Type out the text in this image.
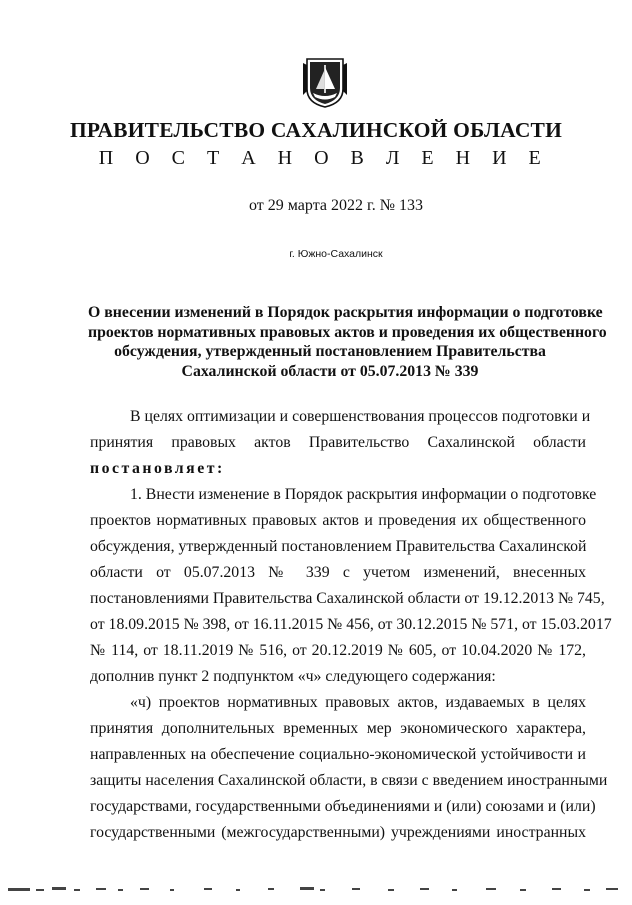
ПРАВИТЕЛЬСТВО САХАЛИНСКОЙ ОБЛАСТИ
П О С Т А Н О В Л Е Н И Е
от 29 марта 2022 г. № 133
г. Южно-Сахалинск
О внесении изменений в Порядок раскрытия информации о подготовке
проектов нормативных правовых актов и проведения их общественного
обсуждения, утвержденный постановлением Правительства
Сахалинской области от 05.07.2013 № 339
В целях оптимизации и совершенствования процессов подготовки и
принятия правовых актов Правительство Сахалинской области
постановляет:
1. Внести изменение в Порядок раскрытия информации о подготовке
проектов нормативных правовых актов и проведения их общественного
обсуждения, утвержденный постановлением Правительства Сахалинской
области от 05.07.2013 № 339 с учетом изменений, внесенных
постановлениями Правительства Сахалинской области от 19.12.2013 № 745,
от 18.09.2015 № 398, от 16.11.2015 № 456, от 30.12.2015 № 571, от 15.03.2017
№ 114, от 18.11.2019 № 516, от 20.12.2019 № 605, от 10.04.2020 № 172,
дополнив пункт 2 подпунктом «ч» следующего содержания:
«ч) проектов нормативных правовых актов, издаваемых в целях
принятия дополнительных временных мер экономического характера,
направленных на обеспечение социально-экономической устойчивости и
защиты населения Сахалинской области, в связи с введением иностранными
государствами, государственными объединениями и (или) союзами и (или)
государственными (межгосударственными) учреждениями иностранных
